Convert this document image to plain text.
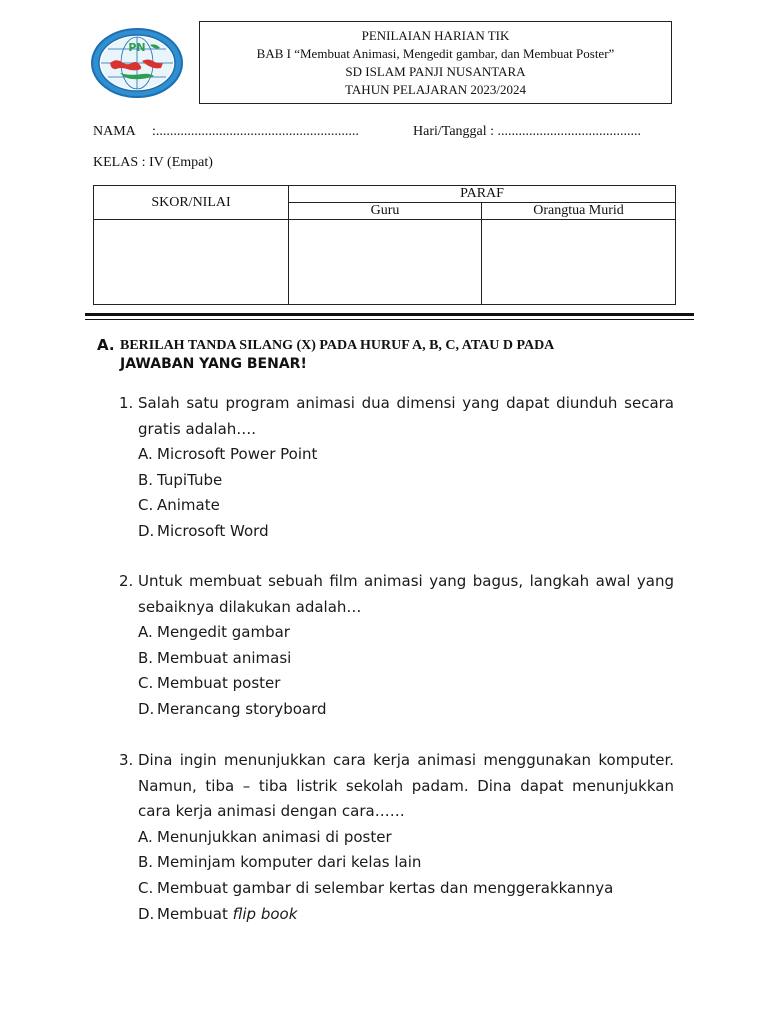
PN
PENILAIAN HARIAN TIK
BAB I “Membuat Animasi, Mengedit gambar, dan Membuat Poster”
SD ISLAM PANJI NUSANTARA
TAHUN PELAJARAN 2023/2024
NAMA :..........................................................	Hari/Tanggal : .........................................
KELAS : IV (Empat)
SKOR/NILAI	PARAF	
	Guru	Orangtua Murid

A. BERILAH TANDA SILANG (X) PADA HURUF A, B, C, ATAU D PADA
JAWABAN YANG BENAR!
1. Salah satu program animasi dua dimensi yang dapat diunduh secara gratis adalah….
A. Microsoft Power Point
B. TupiTube
C. Animate
D. Microsoft Word
2. Untuk membuat sebuah film animasi yang bagus, langkah awal yang sebaiknya dilakukan adalah…
A. Mengedit gambar
B. Membuat animasi
C. Membuat poster
D. Merancang storyboard
3. Dina ingin menunjukkan cara kerja animasi menggunakan komputer. Namun, tiba – tiba listrik sekolah padam. Dina dapat menunjukkan cara kerja animasi dengan cara……
A. Menunjukkan animasi di poster
B. Meminjam komputer dari kelas lain
C. Membuat gambar di selembar kertas dan menggerakkannya
D. Membuat flip book
